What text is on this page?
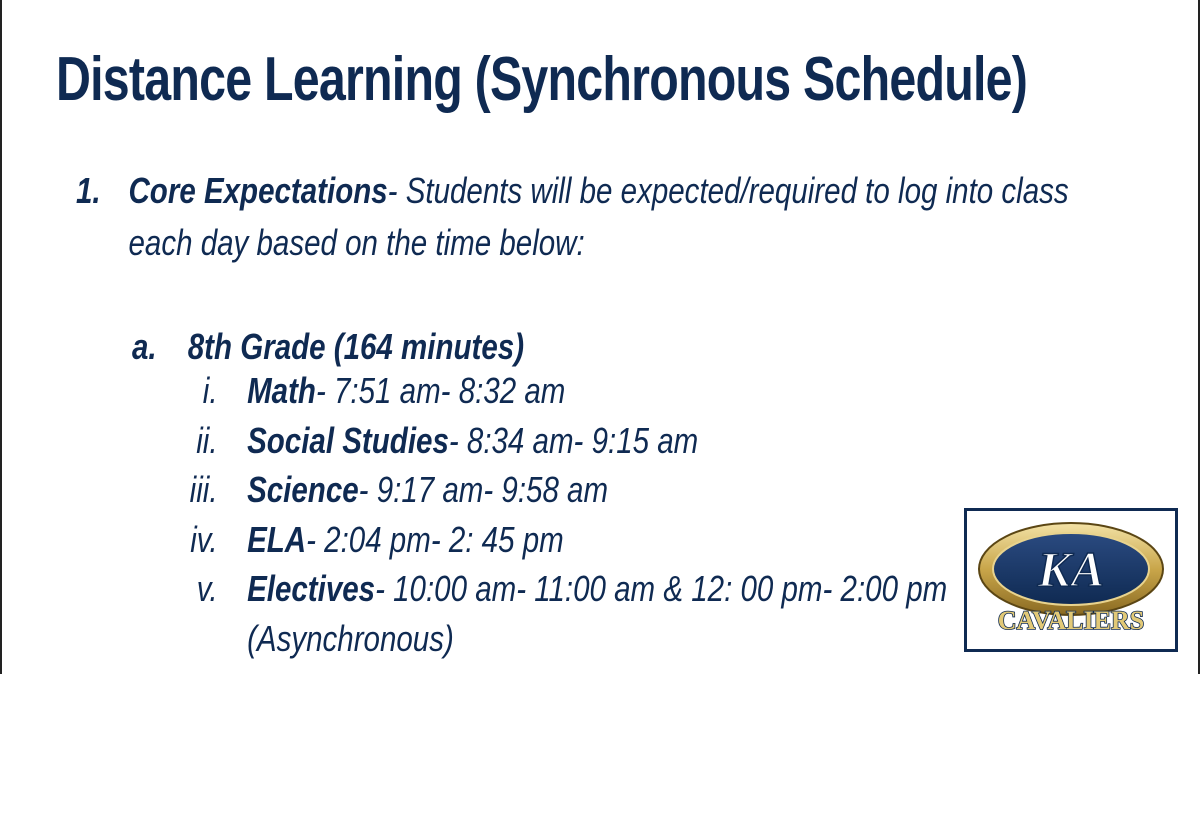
Distance Learning (Synchronous Schedule)
1. Core Expectations- Students will be expected/required to log into class each day based on the time below:
a. 8th Grade (164 minutes)
i. Math- 7:51 am- 8:32 am
ii. Social Studies- 8:34 am- 9:15 am
iii. Science- 9:17 am- 9:58 am
iv. ELA- 2:04 pm- 2: 45 pm
v. Electives- 10:00 am- 11:00 am & 12: 00 pm- 2:00 pm
(Asynchronous)
KA
CAVALIERS
